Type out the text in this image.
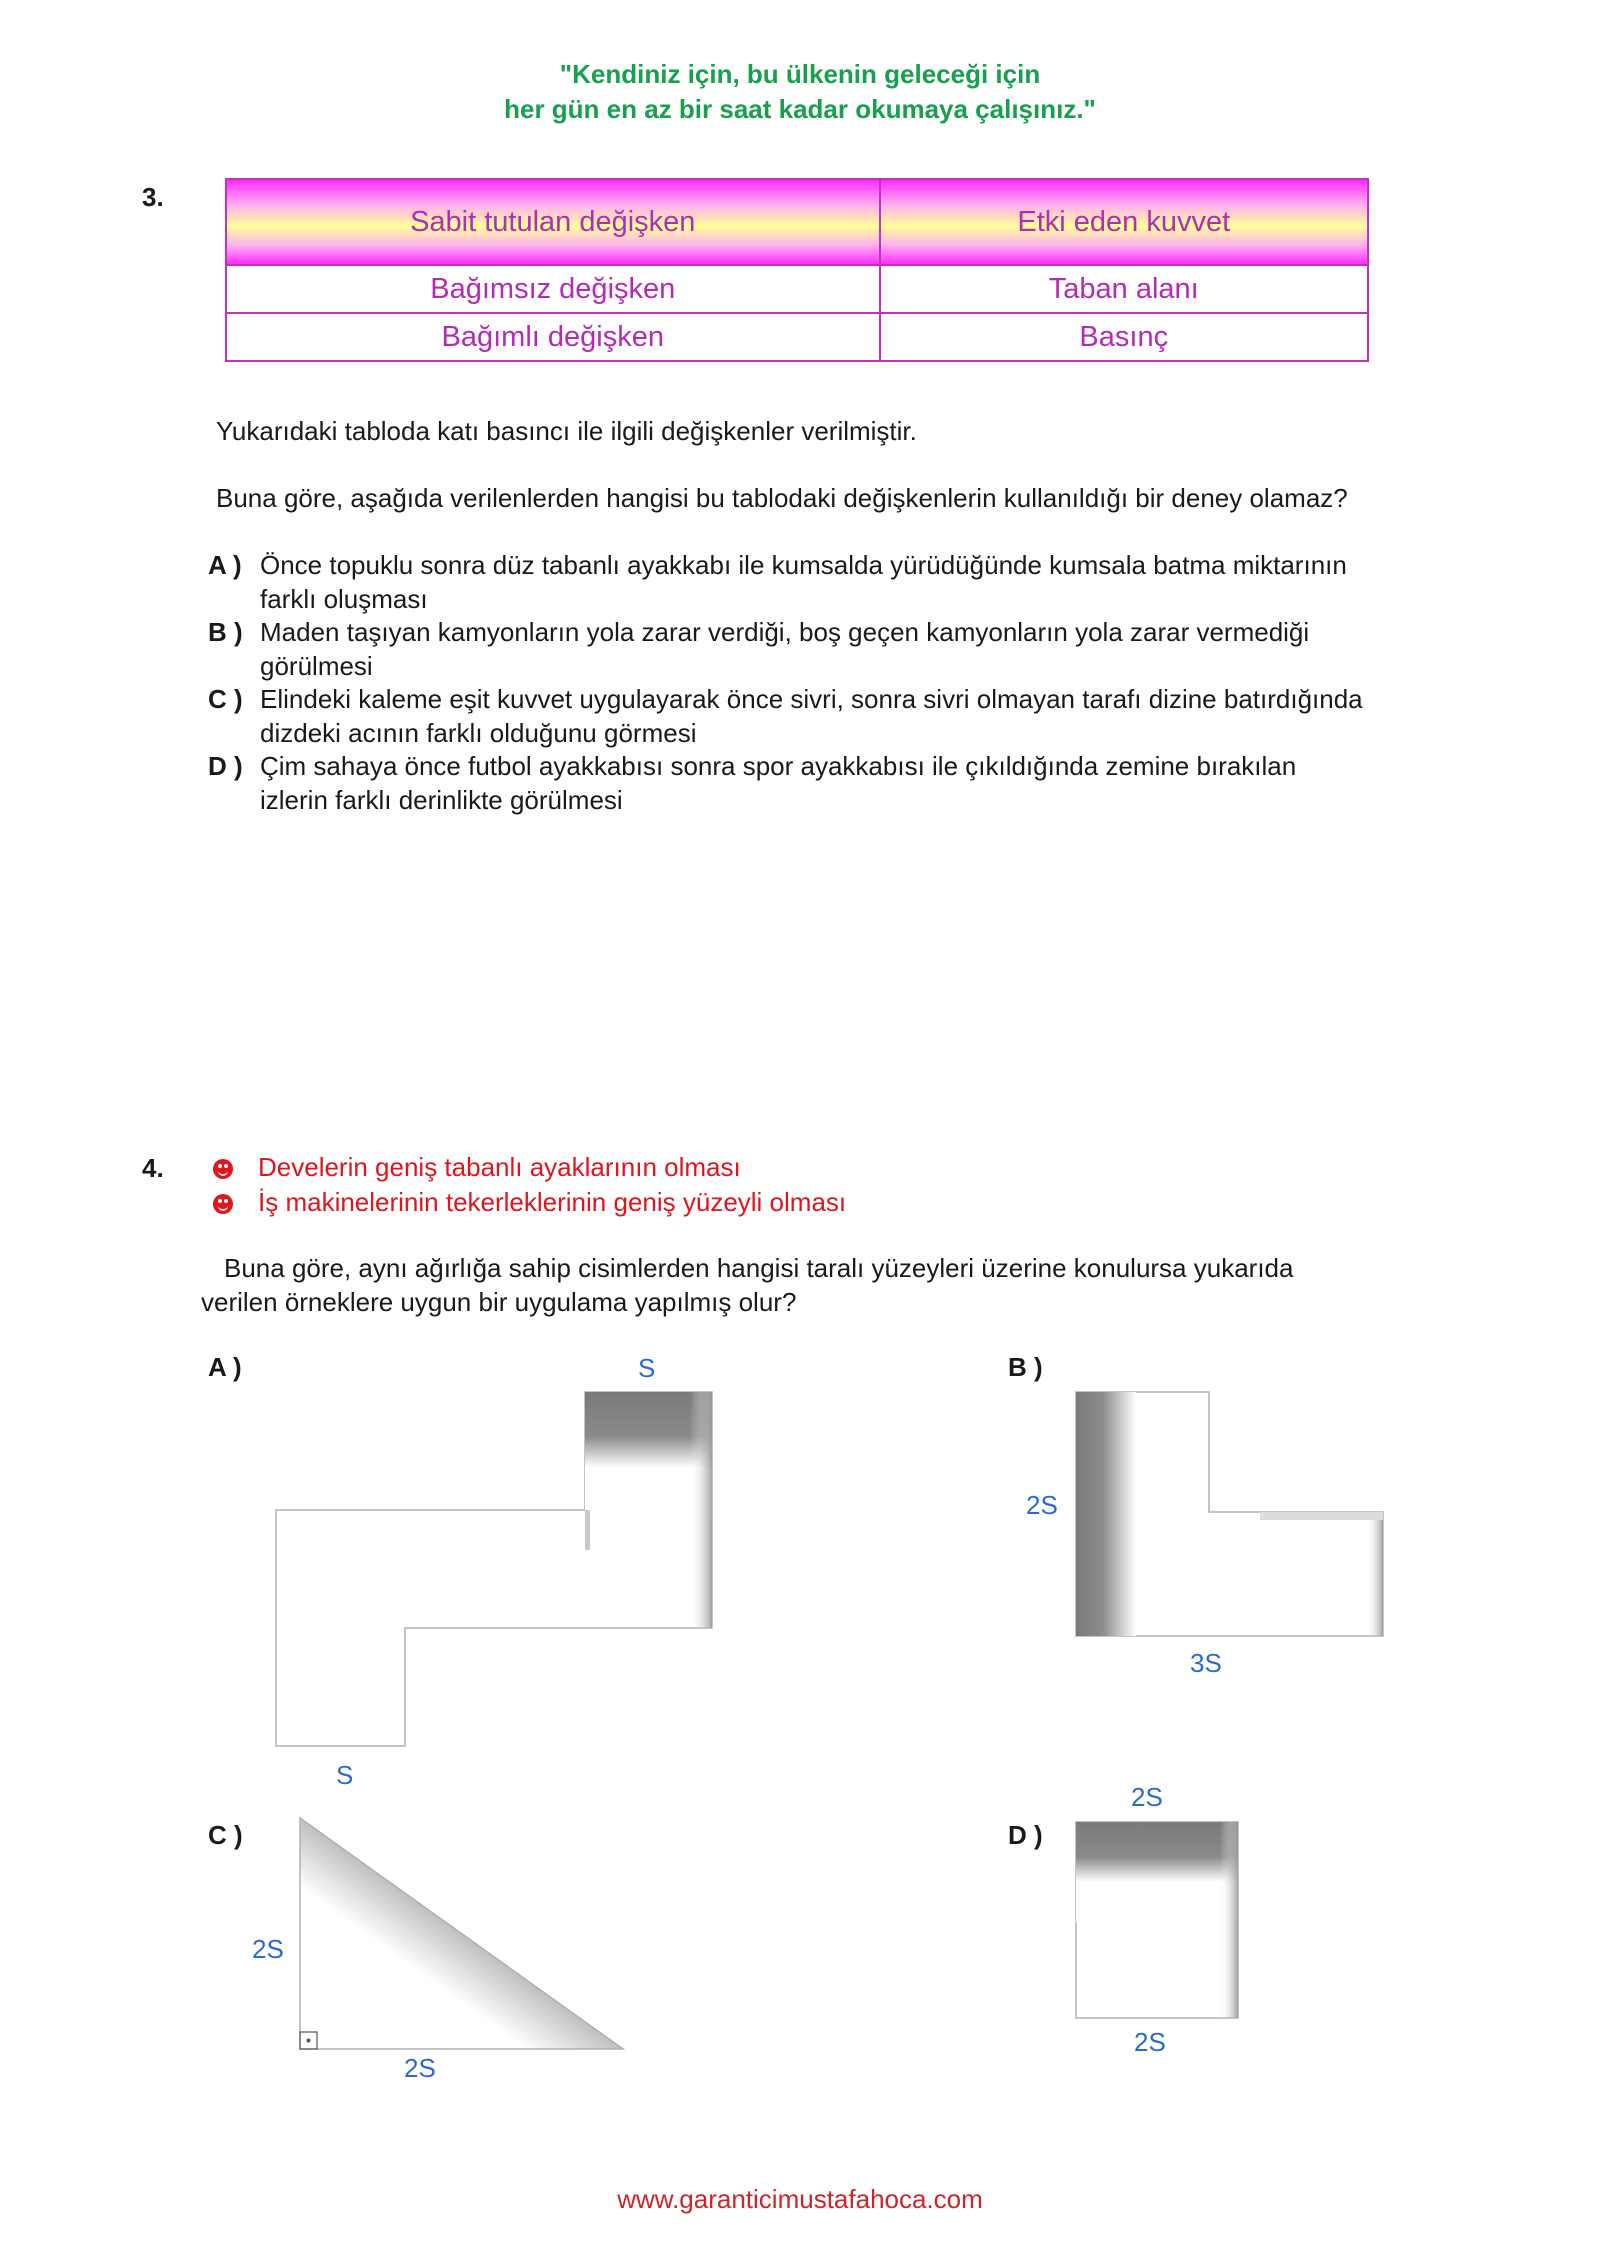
"Kendiniz için, bu ülkenin geleceği için
her gün en az bir saat kadar okumaya çalışınız."
3.
Sabit tutulan değişken	Etki eden kuvvet
Bağımsız değişken	Taban alanı
Bağımlı değişken	Basınç
Yukarıdaki tabloda katı basıncı ile ilgili değişkenler verilmiştir.
Buna göre, aşağıda verilenlerden hangisi bu tablodaki değişkenlerin kullanıldığı bir deney olamaz?
A ) Önce topuklu sonra düz tabanlı ayakkabı ile kumsalda yürüdüğünde kumsala batma miktarının
farklı oluşması
B ) Maden taşıyan kamyonların yola zarar verdiği, boş geçen kamyonların yola zarar vermediği
görülmesi
C ) Elindeki kaleme eşit kuvvet uygulayarak önce sivri, sonra sivri olmayan tarafı dizine batırdığında
dizdeki acının farklı olduğunu görmesi
D ) Çim sahaya önce futbol ayakkabısı sonra spor ayakkabısı ile çıkıldığında zemine bırakılan
izlerin farklı derinlikte görülmesi
4.	Develerin geniş tabanlı ayaklarının olması
İş makinelerinin tekerleklerinin geniş yüzeyli olması
Buna göre, aynı ağırlığa sahip cisimlerden hangisi taralı yüzeyleri üzerine konulursa yukarıda
verilen örneklere uygun bir uygulama yapılmış olur?
A )	B )
C )	D )
S
S
2S
3S
2S
2S
2S
2S
www.garanticimustafahoca.com
